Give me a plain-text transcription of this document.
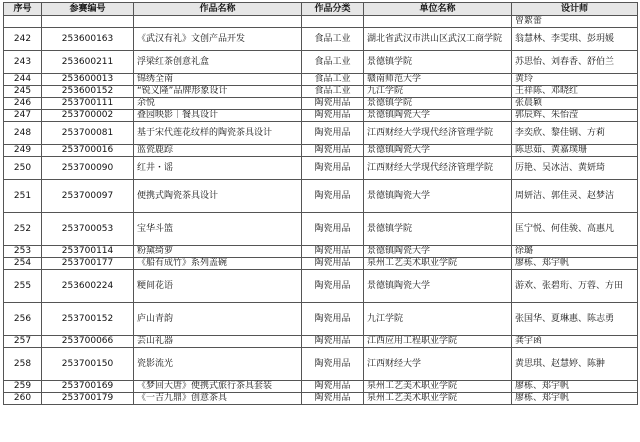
序号	参赛编号	作品名称	作品分类	单位名称	设计师
					曾絮蕾
242	253600163	《武汉有礼》文创产品开发	食品工业	湖北省武汉市洪山区武汉工商学院	翁慧林、李雯琪、彭玥媛
243	253600211	浮梁红茶创意礼盒	食品工业	景德镇学院	苏思怡、刘春香、舒伯兰
244	253600013	锦绣全南	食品工业	赣南师范大学	黄玲
245	253600152	“锐义隆”品牌形象设计	食品工业	九江学院	王祥陈、邓晓红
246	253700111	余悦	陶瓷用品	景德镇学院	张晨颖
247	253700002	叠园映影｜餐具设计	陶瓷用品	景德镇陶瓷大学	郭辰辉、朱怡滢
248	253700081	基于宋代莲花纹样的陶瓷茶具设计	陶瓷用品	江西财经大学现代经济管理学院	李奕欣、黎佳钢、方莉
249	253700016	蓝瓷鹿踪	陶瓷用品	景德镇陶瓷大学	陈思茹、黄嘉璞珊
250	253700090	红井・谣	陶瓷用品	江西财经大学现代经济管理学院	厉艳、吴冰洁、黄妍琦
251	253700097	便携式陶瓷茶具设计	陶瓷用品	景德镇陶瓷大学	周妍洁、郭佳灵、赵梦洁
252	253700053	宝华斗篮	陶瓷用品	景德镇学院	匡宁悦、何佳骏、高惠凡
253	253700114	粉黛绮萝	陶瓷用品	景德镇陶瓷大学	徐璐
254	253700177	《船有成竹》系列盖碗	陶瓷用品	泉州工艺美术职业学院	廖栋、郑宇帆
255	253600224	粳间花语	陶瓷用品	景德镇陶瓷大学	游欢、张碧珩、万蓉、方田
256	253700152	庐山青韵	陶瓷用品	九江学院	张国华、夏琳惠、陈志勇
257	253700066	芸山礼器	陶瓷用品	江西应用工程职业学院	龚宇函
258	253700150	瓷影流光	陶瓷用品	江西财经大学	黄思琪、赵慧婷、陈翀
259	253700169	《梦回大唐》便携式旅行茶具套装	陶瓷用品	泉州工艺美术职业学院	廖栋、郑宇帆
260	253700179	《一吉九鼎》创意茶具	陶瓷用品	泉州工艺美术职业学院	廖栋、郑宇帆
